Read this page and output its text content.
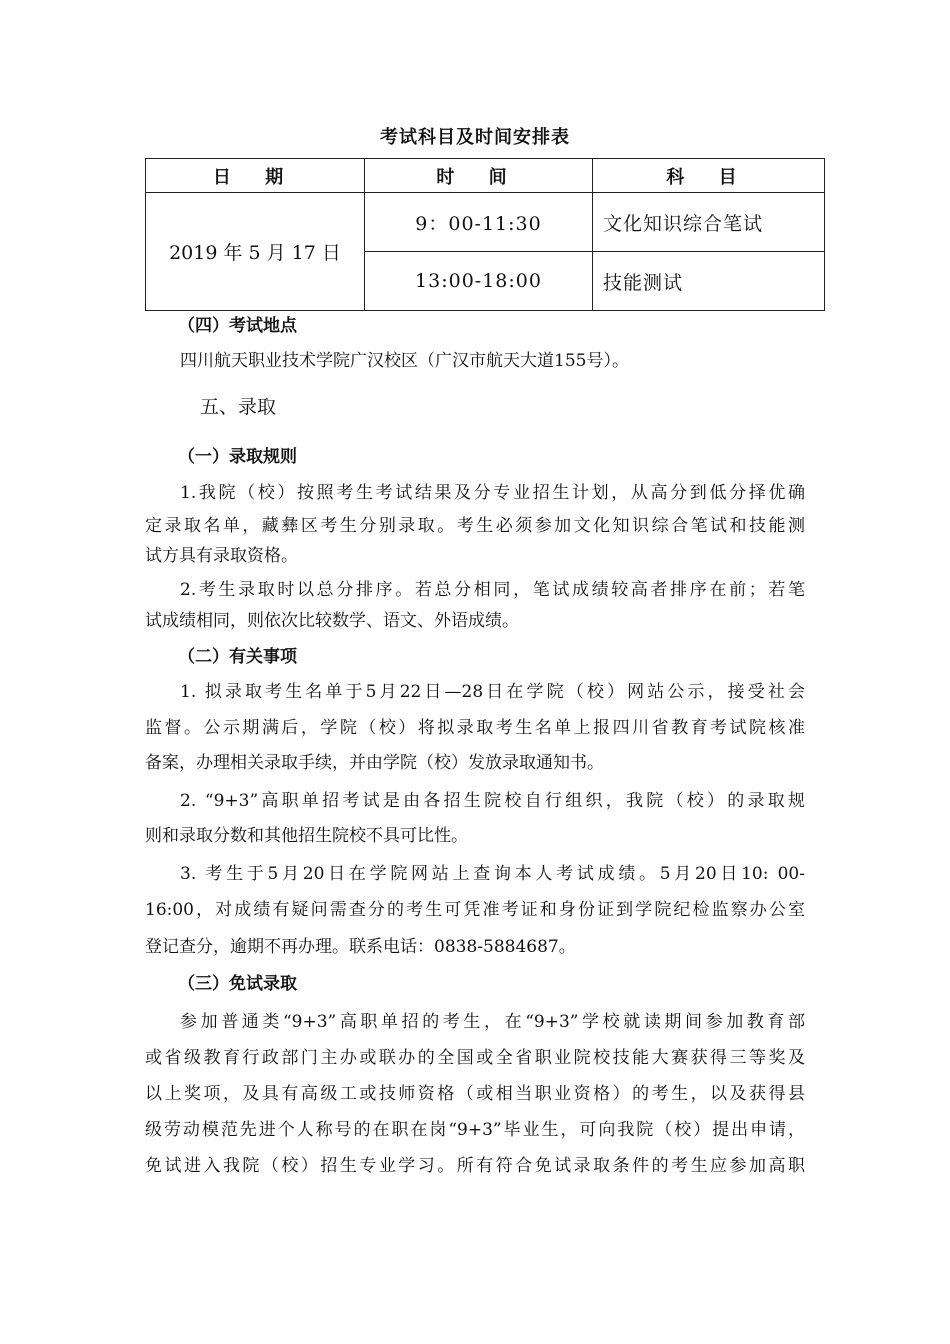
考试科目及时间安排表
日 期	时 间	科 目
2019 年 5 月 17 日	9：00-11:30	文化知识综合笔试
	13:00-18:00	技能测试
（四）考试地点
四川航天职业技术学院广汉校区（广汉市航天大道155号）。
五、录取
（一）录取规则
1.我院（校）按照考生考试结果及分专业招生计划，从高分到低分择优确
定录取名单，藏彝区考生分别录取。考生必须参加文化知识综合笔试和技能测
试方具有录取资格。
2.考生录取时以总分排序。若总分相同，笔试成绩较高者排序在前；若笔
试成绩相同，则依次比较数学、语文、外语成绩。
（二）有关事项
1. 拟录取考生名单于5月22日—28日在学院（校）网站公示，接受社会
监督。公示期满后，学院（校）将拟录取考生名单上报四川省教育考试院核准
备案，办理相关录取手续，并由学院（校）发放录取通知书。
2. “9+3”高职单招考试是由各招生院校自行组织，我院（校）的录取规
则和录取分数和其他招生院校不具可比性。
3. 考生于5月20日在学院网站上查询本人考试成绩。5月20日10: 00-
16:00，对成绩有疑问需查分的考生可凭准考证和身份证到学院纪检监察办公室
登记查分，逾期不再办理。联系电话：0838-5884687。
（三）免试录取
参加普通类“9+3”高职单招的考生，在“9+3”学校就读期间参加教育部
或省级教育行政部门主办或联办的全国或全省职业院校技能大赛获得三等奖及
以上奖项，及具有高级工或技师资格（或相当职业资格）的考生，以及获得县
级劳动模范先进个人称号的在职在岗“9+3”毕业生，可向我院（校）提出申请，
免试进入我院（校）招生专业学习。所有符合免试录取条件的考生应参加高职
